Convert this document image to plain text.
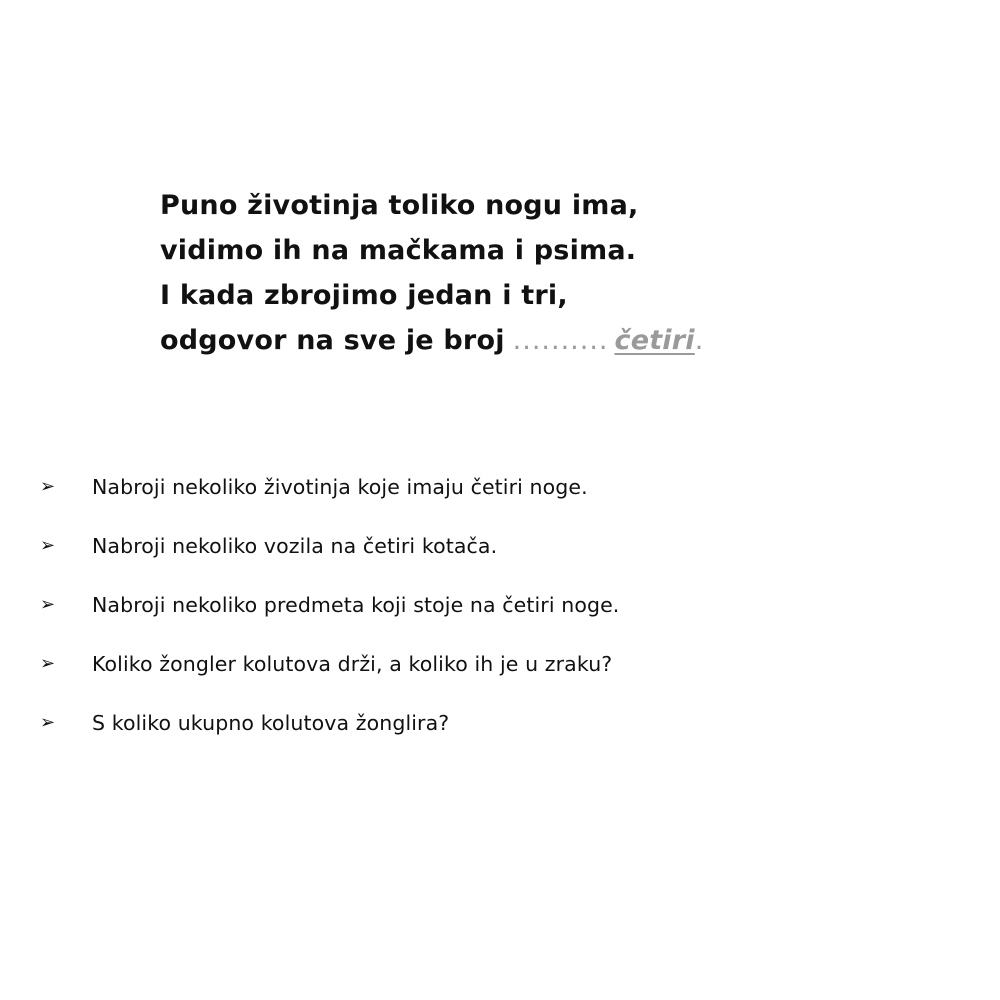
Puno životinja toliko nogu ima,
vidimo ih na mačkama i psima.
I kada zbrojimo jedan i tri,
odgovor na sve je broj .......... četiri.
➢	Nabroji nekoliko životinja koje imaju četiri noge.
➢	Nabroji nekoliko vozila na četiri kotača.
➢	Nabroji nekoliko predmeta koji stoje na četiri noge.
➢	Koliko žongler kolutova drži, a koliko ih je u zraku?
➢	S koliko ukupno kolutova žonglira?
